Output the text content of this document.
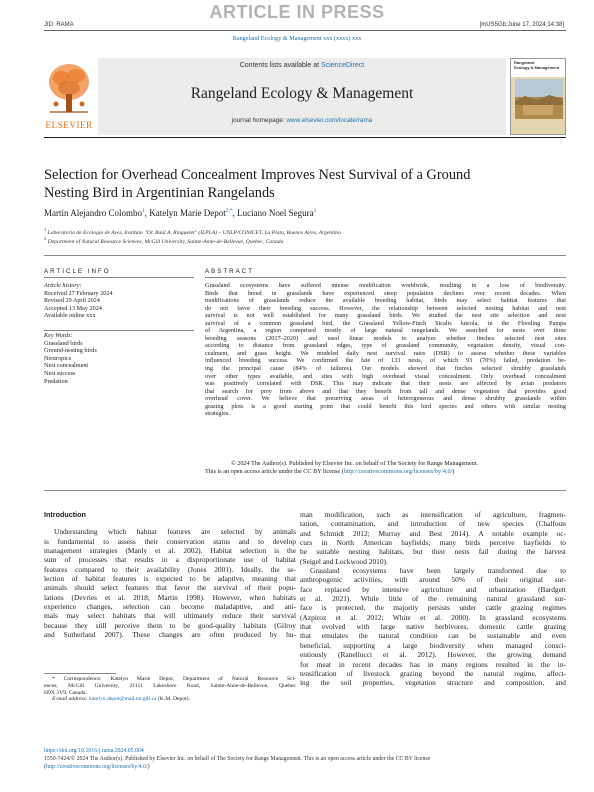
ARTICLE IN PRESS
JID: RAMA	[mUS5Gb;June 17, 2024;14:38]
Rangeland Ecology & Management xxx (xxxx) xxx
ELSEVIER
Contents lists available at ScienceDirect
Rangeland Ecology & Management
journal homepage: www.elsevier.com/locate/rama
Rangeland
Ecology & Management
Selection for Overhead Concealment Improves Nest Survival of a Ground
Nesting Bird in Argentinian Rangelands
Martín Alejandro Colombo$^1$, Katelyn Marie Depot$^{2,*}$, Luciano Noel Segura$^1$
$^1$ Laboratorio de Ecología de Aves, Instituto "Dr. Raúl A. Ringuelet" (ILPLA) – UNLP/CONICET, La Plata, Buenos Aires, Argentina
$^2$ Department of Natural Resource Sciences, McGill University, Sainte-Anne-de-Bellevue, Quebec, Canada
ARTICLE INFO	ABSTRACT
Article history:
Received 27 February 2024
Revised 29 April 2024
Accepted 13 May 2024
Available online xxx
Key Words:
Grassland birds
Ground-nesting birds
Neotropics
Nest concealment
Nest success
Predation
Grassland ecosystems have suffered intense modification worldwide, resulting in a loss of biodiversity.
Birds that breed in grasslands have experienced steep population declines over recent decades. When
modifications of grasslands reduce the available breeding habitat, birds may select habitat features that
do not favor their breeding success. However, the relationship between selected nesting habitat and nest
survival is not well established for many grassland birds. We studied the nest site selection and nest
survival of a common grassland bird, the Grassland Yellow-Finch Sicalis luteola, in the Flooding Pampa
of Argentina, a region comprised mostly of large natural rangelands. We searched for nests over three
breeding seasons (2017–2020) and used linear models to analyze whether finches selected nest sites
according to distance from grassland edges, type of grassland community, vegetation density, visual con-
cealment, and grass height. We modeled daily nest survival rates (DSR) to assess whether these variables
influenced breeding success. We confirmed the fate of 133 nests, of which 93 (70%) failed, predation be-
ing the principal cause (84% of failures). Our models showed that finches selected shrubby grasslands
over other types available, and sites with high overhead visual concealment. Only overhead concealment
was positively correlated with DSR. This may indicate that their nests are affected by avian predators
that search for prey from above and that they benefit from tall and dense vegetation that provides good
overhead cover. We believe that preserving areas of heterogeneous and dense shrubby grasslands within
grazing plots is a good starting point that could benefit this bird species and others with similar nesting
strategies.
© 2024 The Author(s). Published by Elsevier Inc. on behalf of The Society for Range Management.
This is an open access article under the CC BY license (http://creativecommons.org/licenses/by/4.0/)
Introduction
Understanding which habitat features are selected by animals
is fundamental to assess their conservation status and to develop
management strategies (Manly et al. 2002). Habitat selection is the
sum of processes that results in a disproportionate use of habitat
features compared to their availability (Jones 2001). Ideally, the se-
lection of habitat features is expected to be adaptive, meaning that
animals should select features that favor the survival of their popu-
lations (Devries et al. 2018; Martin 1998). However, when habitats
experience changes, selection can become maladaptive, and ani-
mals may select habitats that will ultimately reduce their survival
because they still perceive them to be good-quality habitats (Gilroy
and Sutherland 2007). These changes are often produced by hu-
man modification, such as intensification of agriculture, fragmen-
tation, contamination, and introduction of new species (Chalfoun
and Schmidt 2012; Murray and Best 2014). A notable example oc-
curs in North American hayfields; many birds perceive hayfields to
be suitable nesting habitats, but their nests fail during the harvest
(Seigel and Lockwood 2010).
Grassland ecosystems have been largely transformed due to
anthropogenic activities, with around 50% of their original sur-
face replaced by intensive agriculture and urbanization (Bardgett
et al. 2021). While little of the remaining natural grassland sur-
face is protected, the majority persists under cattle grazing regimes
(Azpiroz et al. 2012; White et al. 2000). In grassland ecosystems
that evolved with large native herbivores, domestic cattle grazing
that emulates the natural condition can be sustainable and even
beneficial, supporting a large biodiversity when managed consci-
entiously (Ranellucci et al. 2012). However, the growing demand
for meat in recent decades has in many regions resulted in the in-
tensification of livestock grazing beyond the natural regime, affect-
ing the soil properties, vegetation structure and composition, and
* Correspondence: Katelyn Marie Depot, Department of Natural Resource Sci-
ences, McGill University, 21111 Lakeshore Road, Sainte-Anne-de-Bellevue, Quebec
H9X 3V9, Canada.
E-mail address: katelyn.depot@mail.mcgill.ca (K.M. Depot).
https://doi.org/10.1016/j.rama.2024.05.004
1550-7424/© 2024 The Author(s). Published by Elsevier Inc. on behalf of The Society for Range Management. This is an open access article under the CC BY license
(http://creativecommons.org/licenses/by/4.0/)
